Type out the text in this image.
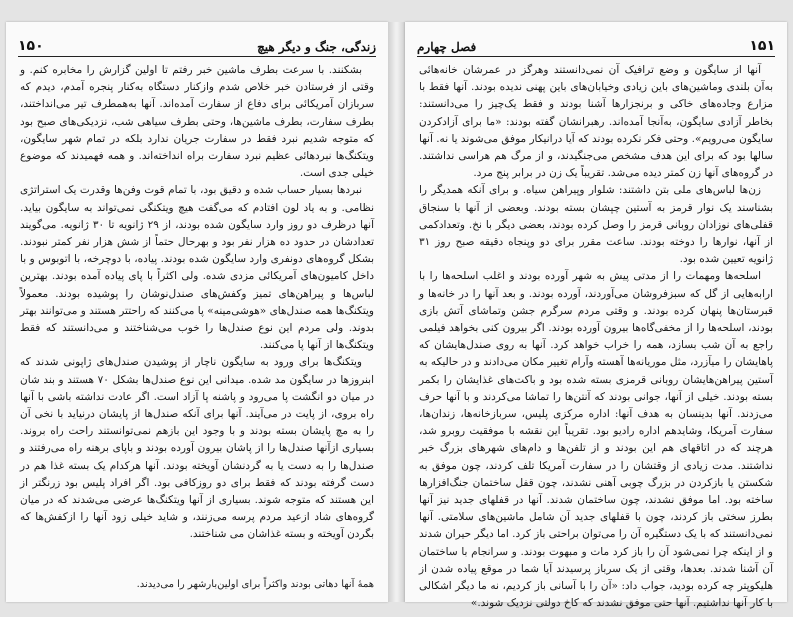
زندگی، جنگ و دیگر هیچ
۱۵۰

بشکنند. با سرعت بطرف ماشین خبر رفتم تا اولین گزارش را مخابره کنم. و وقتی از فرستادن خبر خلاص شدم وازکنار دستگاه به‌کنار پنجره آمدم، دیدم که سربازان آمریکائی برای دفاع از سفارت آمده‌اند. آنها به‌همطرف تیر می‌انداختند، بطرف سفارت، بطرف ماشین‌ها، وحتی بطرف سیاهی شب، نزدیکی‌های صبح بود که متوجه شدیم نبرد فقط در سفارت جریان ندارد بلکه در تمام شهر سایگون، ویتکنگ‌ها نبردهائی عظیم نبرد سفارت براه انداخته‌اند. و همه فهمیدند که موضوع خیلی جدی است.

نبردها بسیار حساب شده و دقیق بود، با تمام قوت وفن‌ها وقدرت یک استراتژی نظامی. و به یاد لون افتادم که می‌گفت هیچ ویتکنگی نمی‌تواند به سایگون بیاید. آنها درظرف دو روز وارد سایگون شده بودند، از ۲۹ ژانویه تا ۳۰ ژانویه. می‌گویند تعدادشان در حدود ده هزار نفر بود و بهرحال حتماً از شش هزار نفر کمتر نبودند. بشکل گروه‌های دونفری وارد سایگون شده بودند. پیاده، با دوچرخه، با اتوبوس و با داخل کامیون‌های آمریکائی مزدی شده. ولی اکثراً با پای پیاده آمده بودند. بهترین لباس‌ها و پیراهن‌های تمیز وکفش‌های صندل‌نوشان را پوشیده بودند. معمولاً ویتکنگ‌ها همه صندل‌های «هوشی‌مینه» پا می‌کنند که راحتتر هستند و می‌توانند بهتر بدوند. ولی مردم این نوع صندل‌ها را خوب می‌شناختند و می‌دانستند که فقط ویتکنگ‌ها از آنها پا می‌کنند.

ویتکنگ‌ها برای ورود به سایگون ناچار از پوشیدن صندل‌های ژاپونی شدند که ابنروزها در سایگون مد شده. میدانی این نوع صندل‌ها بشکل ۷۰ هستند و بند شان در میان دو انگشت پا می‌رود و پاشنه پا آزاد است. اگر عادت نداشته باشی با آنها راه بروی، از پایت در می‌آیند. آنها برای آنکه صندل‌ها از پایشان درنیاید با نخی آن را به مچ پایشان بسته بودند و با وجود این بازهم نمی‌توانستند راحت راه بروند. بسیاری ازآنها صندل‌ها را از پاشان بیرون آورده بودند و باپای برهنه راه می‌رفتند و صندل‌ها را به دست یا به گردنشان آویخته بودند. آنها هرکدام یک بسته غذا هم در دست گرفته بودند که فقط برای دو روزکافی بود. اگر افراد پلیس بود زرنگتر از این هستند که متوجه شوند. بسیاری از آنها ویتکنگ‌ها عرضی می‌شدند که در میان گروه‌های شاد ازعید مردم پرسه می‌زنند، و شاید خیلی زود آنها را ازکفش‌ها که بگردن آویخته و بسته غذاشان می شناختند.

همهٔ آنها دهاتی بودند واکثراً برای اولین‌بارشهر را می‌دیدند.
۱۵۱
فصل چهارم

آنها از سایگون و وضع ترافیک آن نمی‌دانستند وهرگز در عمرشان خانه‌هائی به‌آن بلندی وماشین‌های باین زیادی وخیابان‌های باین پهنی ندیده بودند. آنها فقط با مزارع وجاده‌های خاکی و برنجزارها آشنا بودند و فقط یک‌چیز را می‌دانستند: بخاطر آزادی سایگون، به‌آنجا آمده‌اند. رهبرانشان گفته بودند: «ما برای آزادکردن سایگون می‌رویم». وحتی فکر نکرده بودند که آیا درانیکار موفق می‌شوند یا نه. آنها سالها بود که برای این هدف مشخص می‌جنگیدند، و از مرگ هم هراسی نداشتند. در گروه‌های آنها زن کمتر دیده می‌شد. تقریباً یک زن در برابر پنج مرد.

زن‌ها لباس‌های ملی بتن داشتند: شلوار وپیراهن سیاه. و برای آنکه همدیگر را بشناسند یک نوار قرمز به آستین چپشان بسته بودند. وبعضی از آنها با سنجاق قفلی‌های نوزادان روبانی قرمز را وصل کرده بودند، بعضی دیگر با نخ. وتعدادکمی از آنها، نوارها را دوخته بودند. ساعت مقرر برای دو وپنجاه دقیقه صبح روز ۳۱ ژانویه تعیین شده بود.

اسلحه‌ها ومهمات را از مدتی پیش به شهر آورده بودند و اغلب اسلحه‌ها را با ارابه‌هایی از گل که سبزفروشان می‌آوردند، آورده بودند. و بعد آنها را در خانه‌ها و قبرستان‌ها پنهان کرده بودند. و وقتی مردم سرگرم جشن وتماشای آتش بازی بودند، اسلحه‌ها را از مخفی‌گاه‌ها بیرون آورده بودند. اگر بیرون کنی بخواهد فیلمی راجع به آن شب بسازد، همه را خراب خواهد کرد. آنها به روی صندل‌هایشان که پاهایشان را میآزرد، مثل موریانه‌ها آهسته وآرام تغییر مکان می‌دادند و در حالیکه به آستین پیراهن‌هایشان روبانی قرمزی بسته شده بود و باکت‌های غذایشان را بکمر بسته بودند. خیلی از آنها، جوانی بودند که آنتن‌ها را تماشا می‌کردند و با آنها حرف می‌زدند. آنها بدینسان به هدف آنها: اداره مرکزی پلیس، سربازخانه‌ها، زندان‌ها، سفارت آمریکا، وشایدهم اداره رادیو بود. تقریباً این نقشه با موفقیت روبرو شد، هرچند که در اتاقهای هم این بودند و از تلفن‌ها و دام‌های شهرهای بزرگ خبر نداشتند. مدت زیادی از وقتشان را در سفارت آمریکا تلف کردند، چون موفق به شکستن یا بازکردن در بزرگ چوبی آهنی نشدند، چون قفل ساختمان جنگ‌افزار‌ها ساخته بود. اما موفق نشدند، چون ساختمان شدند. آنها در قفلهای جدید نیز آنها بطرز سختی باز کردند، چون با قفلهای جدید آن شامل ماشین‌های سلامتی. آنها نمی‌دانستند که با یک دستگیره آن را می‌توان براحتی باز کرد. اما دیگر حیران شدند و از اینکه چرا نمی‌شود آن را باز کرد مات و مبهوت بودند. و سرانجام با ساختمان آن آشنا شدند. بعدها، وقتی از یک سرباز پرسیدند آیا شما در موقع پیاده شدن از هلیکوپتر چه کرده بودید، جواب داد: «آن را با آسانی باز کردیم، نه ما دیگر اشکالی با کار آنها نداشتیم. آنها حتی موفق نشدند که کاخ دولتی نزدیک شوند.»
